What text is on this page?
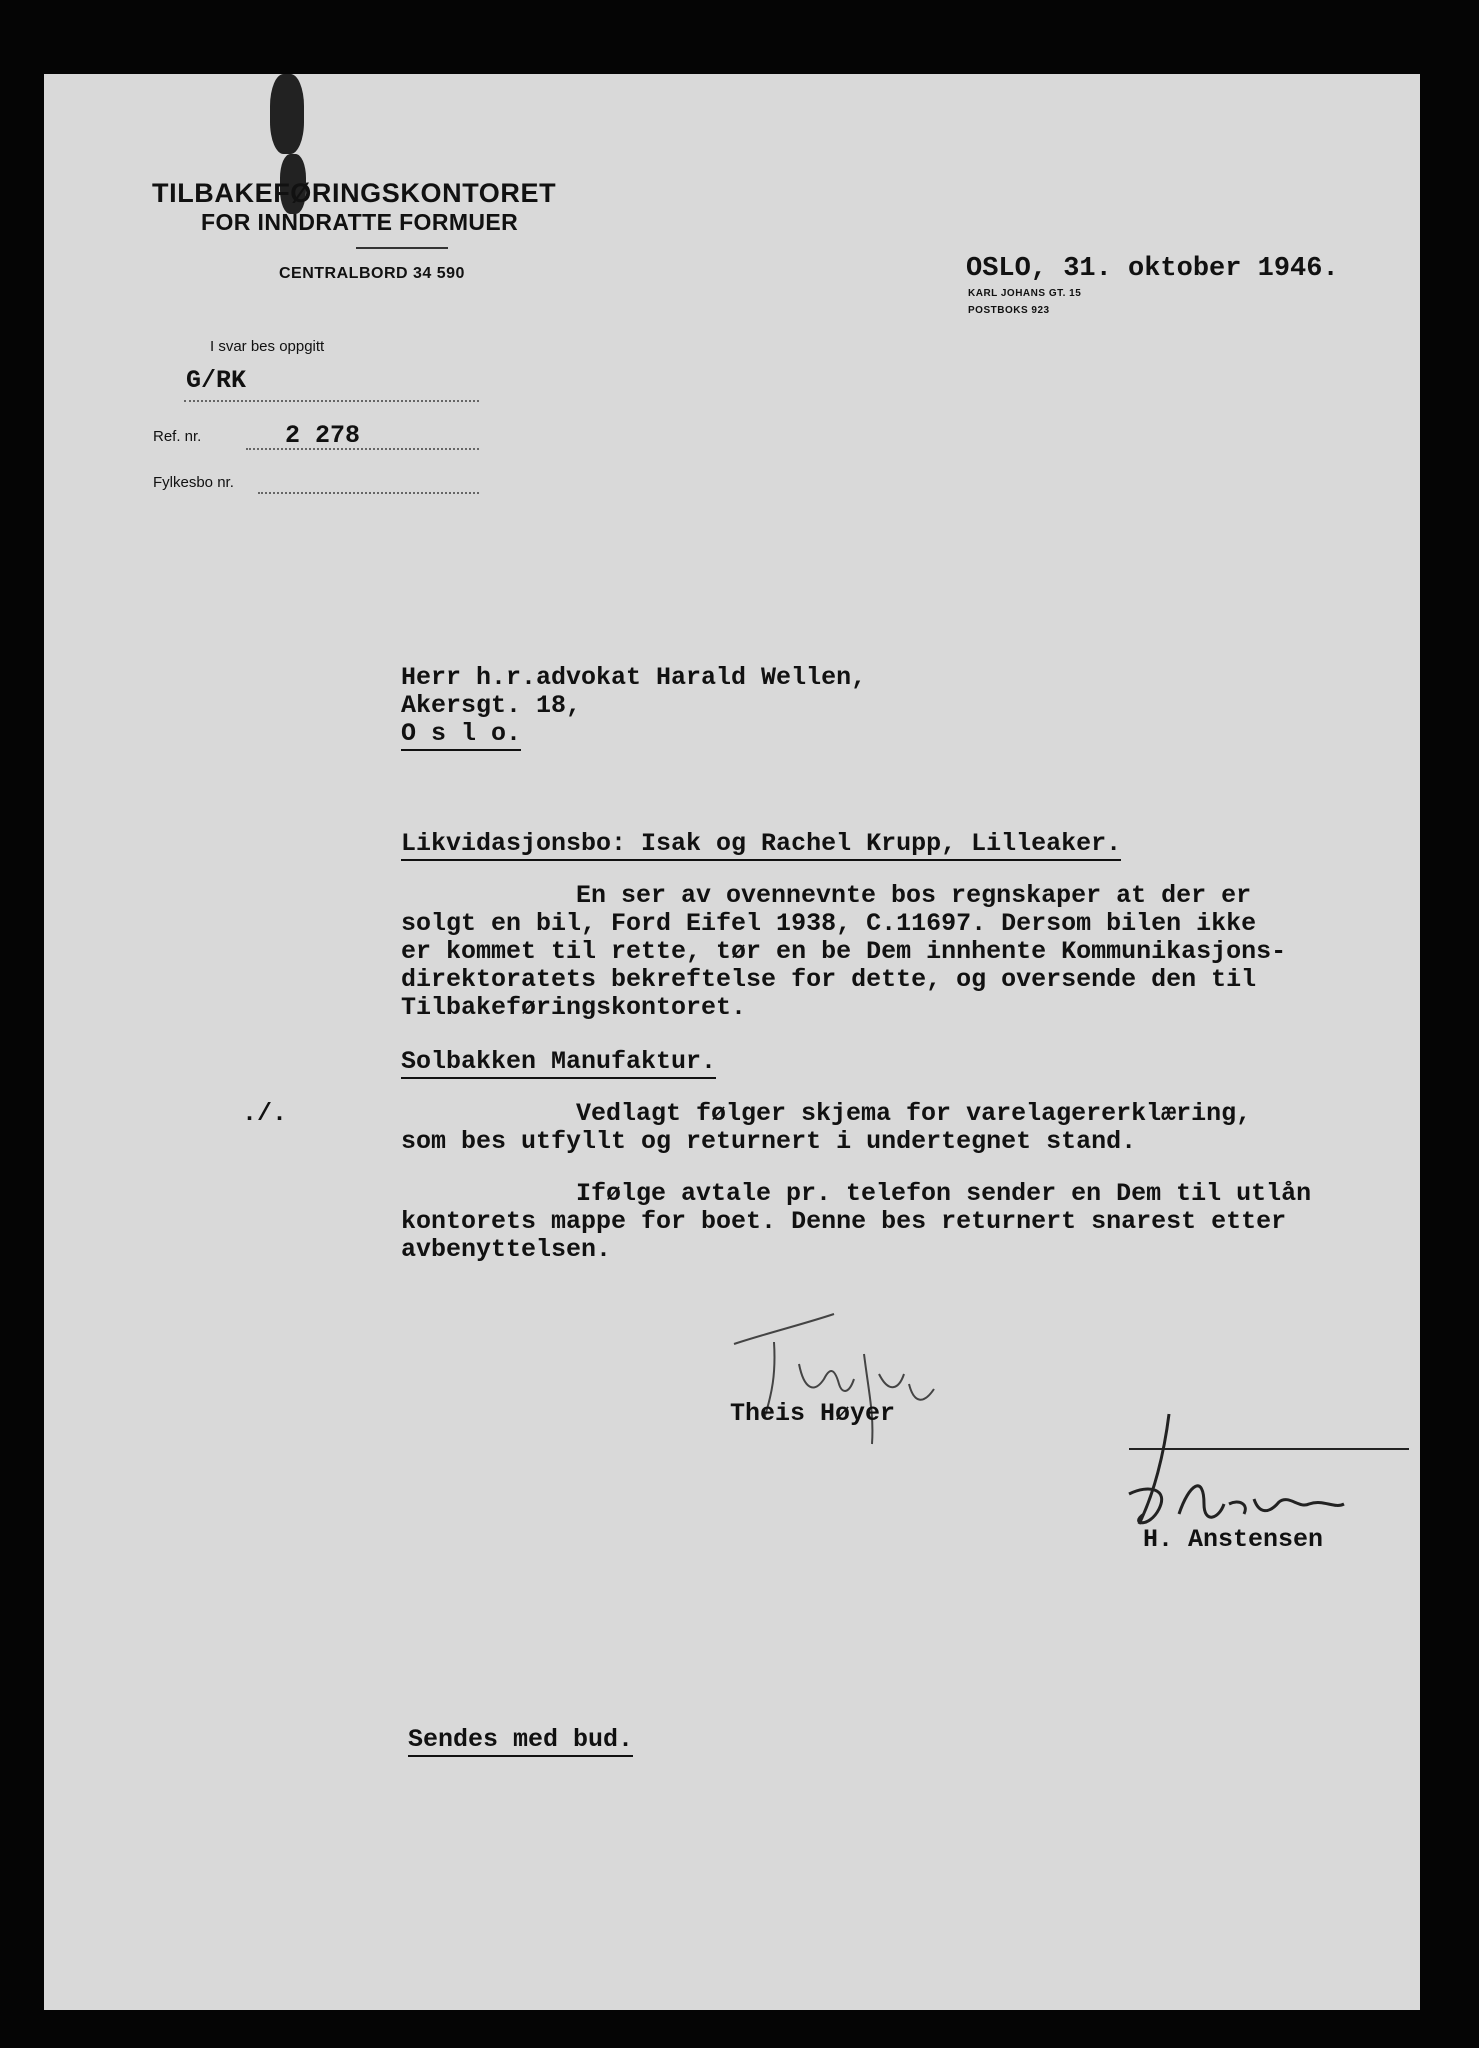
TILBAKEFØRINGSKONTORET
FOR INNDRATTE FORMUER
CENTRALBORD 34 590	OSLO, 31. oktober 1946.
KARL JOHANS GT. 15
POSTBOKS 923
I svar bes oppgitt
G/RK
Ref. nr.	2 278
Fylkesbo nr.
Herr h.r.advokat Harald Wellen,
Akersgt. 18,
O s l o.
Likvidasjonsbo: Isak og Rachel Krupp, Lilleaker.

En ser av ovennevnte bos regnskaper at der er

solgt en bil, Ford Eifel 1938, C.11697. Dersom bilen ikke

er kommet til rette, tør en be Dem innhente Kommunikasjons-

direktoratets bekreftelse for dette, og oversende den til

Tilbakeføringskontoret.

Solbakken Manufaktur.
./.	Vedlagt følger skjema for varelagererklæring,

som bes utfyllt og returnert i undertegnet stand.

Ifølge avtale pr. telefon sender en Dem til utlån

kontorets mappe for boet. Denne bes returnert snarest etter

avbenyttelsen.

Theis Høyer
H. Anstensen
Sendes med bud.
